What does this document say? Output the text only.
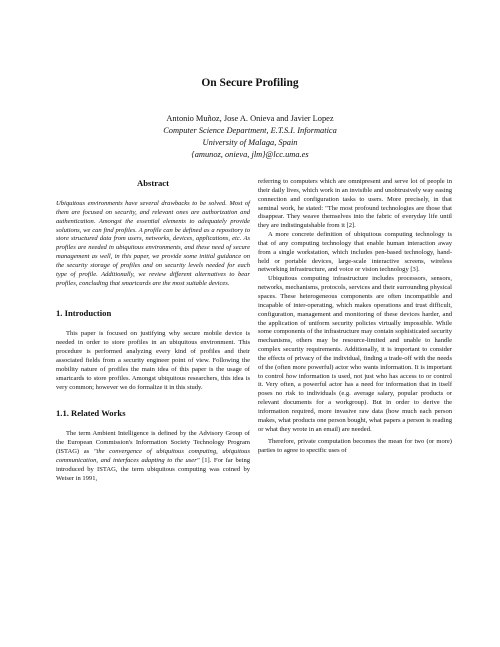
On Secure Profiling
Antonio Muñoz, Jose A. Onieva and Javier Lopez
Computer Science Department, E.T.S.I. Informatica
University of Malaga, Spain
{amunoz, onieva, jlm}@lcc.uma.es
Abstract

Ubiquitous environments have several drawbacks to be solved. Most of them are focused on security, and relevant ones are authorization and authentication. Amongst the essential elements to adequately provide solutions, we can find profiles. A profile can be defined as a repository to store structured data from users, networks, devices, applications, etc. As profiles are needed in ubiquitous environments, and these need of secure management as well, in this paper, we provide some initial guidance on the security storage of profiles and on security levels needed for each type of profile. Additionally, we review different alternatives to bear profiles, concluding that smartcards are the most suitable devices.

1. Introduction

This paper is focused on justifying why secure mobile device is needed in order to store profiles in an ubiquitous environment. This procedure is performed analyzing every kind of profiles and their associated fields from a security engineer point of view. Following the mobility nature of profiles the main idea of this paper is the usage of smartcards to store profiles. Amongst ubiquitous researchers, this idea is very common; however we do formalize it in this study.

1.1. Related Works

The term Ambient Intelligence is defined by the Advisory Group of the European Commission's Information Society Technology Program (ISTAG) as "the convergence of ubiquitous computing, ubiquitous communication, and interfaces adapting to the user" [1]. For far being introduced by ISTAG, the term ubiquitous computing was coined by Weiser in 1991,

referring to computers which are omnipresent and serve lot of people in their daily lives, which work in an invisible and unobtrusively way easing connection and configuration tasks to users. More precisely, in that seminal work, he stated: "The most profound technologies are those that disappear. They weave themselves into the fabric of everyday life until they are indistinguishable from it [2].

A more concrete definition of ubiquitous computing technology is that of any computing technology that enable human interaction away from a single workstation, which includes pen-based technology, hand-held or portable devices, large-scale interactive screens, wireless networking infrastructure, and voice or vision technology [3].

Ubiquitous computing infrastructure includes processors, sensors, networks, mechanisms, protocols, services and their surrounding physical spaces. These heterogeneous components are often incompatible and incapable of inter-operating, which makes operations and trust difficult, configuration, management and monitoring of these devices harder, and the application of uniform security policies virtually impossible. While some components of the infrastructure may contain sophisticated security mechanisms, others may be resource-limited and unable to handle complex security requirements. Additionally, it is important to consider the effects of privacy of the individual, finding a trade-off with the needs of the (often more powerful) actor who wants information. It is important to control how information is used, not just who has access to or control it. Very often, a powerful actor has a need for information that in itself poses no risk to individuals (e.g. average salary, popular products or relevant documents for a workgroup). But in order to derive the information required, more invasive raw data (how much each person makes, what products one person bought, what papers a person is reading or what they wrote in an email) are needed.

Therefore, private computation becomes the mean for two (or more) parties to agree to specific uses of
